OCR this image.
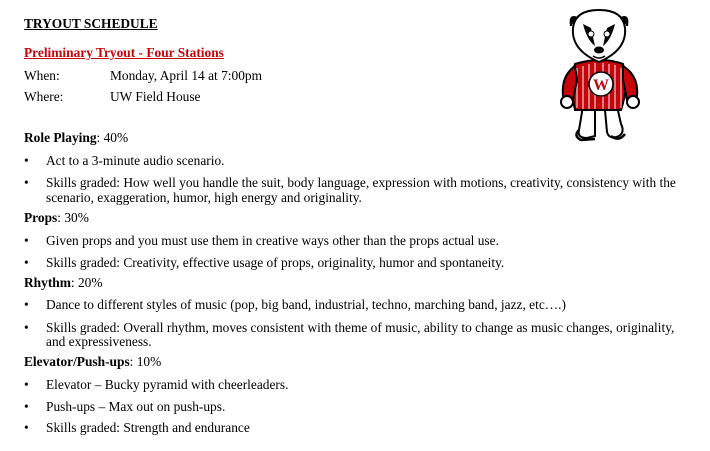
TRYOUT SCHEDULE
Preliminary Tryout - Four Stations
When:	Monday, April 14 at 7:00pm
Where:	UW Field House
Role Playing: 40%
•	Act to a 3-minute audio scenario.
•	Skills graded: How well you handle the suit, body language, expression with motions, creativity, consistency with the
scenario, exaggeration, humor, high energy and originality.
Props: 30%
•	Given props and you must use them in creative ways other than the props actual use.
•	Skills graded: Creativity, effective usage of props, originality, humor and spontaneity.
Rhythm: 20%
•	Dance to different styles of music (pop, big band, industrial, techno, marching band, jazz, etc….)
•	Skills graded: Overall rhythm, moves consistent with theme of music, ability to change as music changes, originality,
and expressiveness.
Elevator/Push-ups: 10%
•	Elevator – Bucky pyramid with cheerleaders.
•	Push-ups – Max out on push-ups.
•	Skills graded: Strength and endurance
W
